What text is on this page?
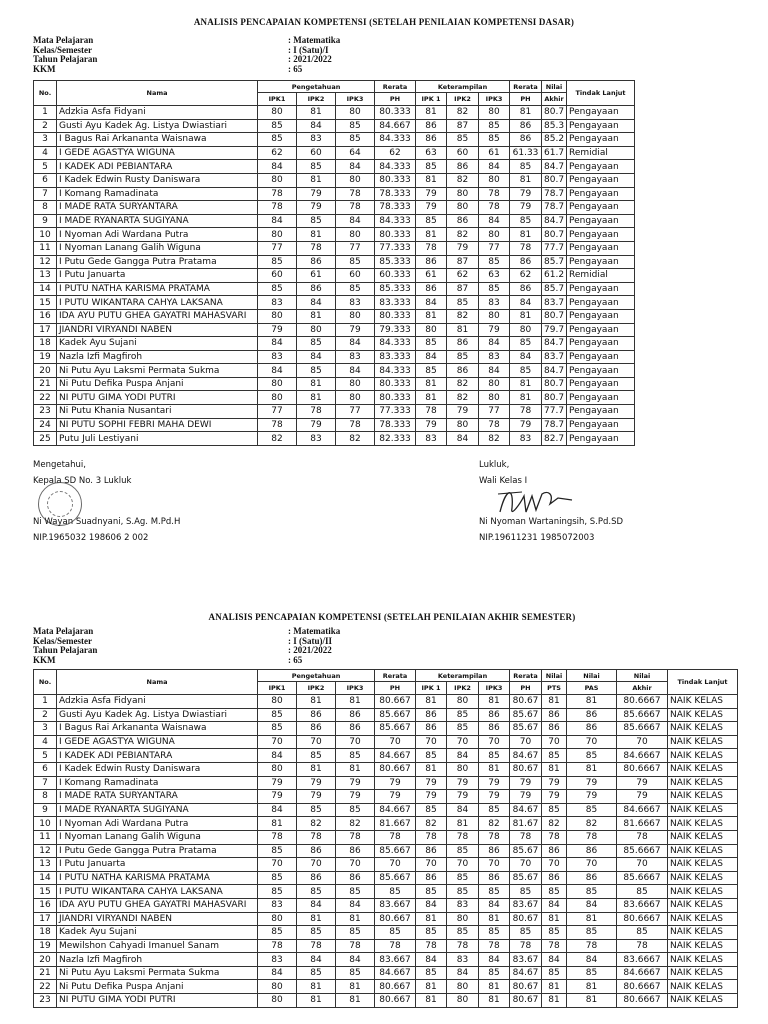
ANALISIS PENCAPAIAN KOMPETENSI (SETELAH PENILAIAN KOMPETENSI DASAR)
Mata Pelajaran	: Matematika
Kelas/Semester	: I (Satu)/I
Tahun Pelajaran	: 2021/2022
KKM	: 65
No.	Nama	Pengetahuan			Rerata	Keterampilan			Rerata	Nilai	Tindak Lanjut
		IPK1	IPK2	IPK3	PH	IPK 1	IPK2	IPK3	PH	Akhir	
1	Adzkia Asfa Fidyani	80	81	80	80.333	81	82	80	81	80.7	Pengayaan
2	Gusti Ayu Kadek Ag. Listya Dwiastiari	85	84	85	84.667	86	87	85	86	85.3	Pengayaan
3	I Bagus Rai Arkananta Waisnawa	85	83	85	84.333	86	85	85	86	85.2	Pengayaan
4	I GEDE AGASTYA WIGUNA	62	60	64	62	63	60	61	61.33	61.7	Remidial
5	I KADEK ADI PEBIANTARA	84	85	84	84.333	85	86	84	85	84.7	Pengayaan
6	I Kadek Edwin Rusty Daniswara	80	81	80	80.333	81	82	80	81	80.7	Pengayaan
7	I Komang Ramadinata	78	79	78	78.333	79	80	78	79	78.7	Pengayaan
8	I MADE RATA SURYANTARA	78	79	78	78.333	79	80	78	79	78.7	Pengayaan
9	I MADE RYANARTA SUGIYANA	84	85	84	84.333	85	86	84	85	84.7	Pengayaan
10	I Nyoman Adi Wardana Putra	80	81	80	80.333	81	82	80	81	80.7	Pengayaan
11	I Nyoman Lanang Galih Wiguna	77	78	77	77.333	78	79	77	78	77.7	Pengayaan
12	I Putu Gede Gangga Putra Pratama	85	86	85	85.333	86	87	85	86	85.7	Pengayaan
13	I Putu Januarta	60	61	60	60.333	61	62	63	62	61.2	Remidial
14	I PUTU NATHA KARISMA PRATAMA	85	86	85	85.333	86	87	85	86	85.7	Pengayaan
15	I PUTU WIKANTARA CAHYA LAKSANA	83	84	83	83.333	84	85	83	84	83.7	Pengayaan
16	IDA AYU PUTU GHEA GAYATRI MAHASVARI	80	81	80	80.333	81	82	80	81	80.7	Pengayaan
17	JIANDRI VIRYANDI NABEN	79	80	79	79.333	80	81	79	80	79.7	Pengayaan
18	Kadek Ayu Sujani	84	85	84	84.333	85	86	84	85	84.7	Pengayaan
19	Nazla Izfi Magfiroh	83	84	83	83.333	84	85	83	84	83.7	Pengayaan
20	Ni Putu Ayu Laksmi Permata Sukma	84	85	84	84.333	85	86	84	85	84.7	Pengayaan
21	Ni Putu Defika Puspa Anjani	80	81	80	80.333	81	82	80	81	80.7	Pengayaan
22	NI PUTU GIMA YODI PUTRI	80	81	80	80.333	81	82	80	81	80.7	Pengayaan
23	Ni Putu Khania Nusantari	77	78	77	77.333	78	79	77	78	77.7	Pengayaan
24	NI PUTU SOPHI FEBRI MAHA DEWI	78	79	78	78.333	79	80	78	79	78.7	Pengayaan
25	Putu Juli Lestiyani	82	83	82	82.333	83	84	82	83	82.7	Pengayaan
Mengetahui,
Kepala SD No. 3 Lukluk
Ni Wayan Suadnyani, S.Ag. M.Pd.H
NIP.1965032 198606 2 002
Lukluk,
Wali Kelas I
Ni Nyoman Wartaningsih, S.Pd.SD
NIP.19611231 1985072003
ANALISIS PENCAPAIAN KOMPETENSI (SETELAH PENILAIAN AKHIR SEMESTER)
Mata Pelajaran	: Matematika
Kelas/Semester	: I (Satu)/II
Tahun Pelajaran	: 2021/2022
KKM	: 65
No.	Nama	Pengetahuan			Rerata	Keterampilan			Rerata	Nilai	Nilai	Nilai	Tindak Lanjut
		IPK1	IPK2	IPK3	PH	IPK 1	IPK2	IPK3	PH	PTS	PAS	Akhir	
1	Adzkia Asfa Fidyani	80	81	81	80.667	81	80	81	80.67	81	81	80.6667	NAIK KELAS
2	Gusti Ayu Kadek Ag. Listya Dwiastiari	85	86	86	85.667	86	85	86	85.67	86	86	85.6667	NAIK KELAS
3	I Bagus Rai Arkananta Waisnawa	85	86	86	85.667	86	85	86	85.67	86	86	85.6667	NAIK KELAS
4	I GEDE AGASTYA WIGUNA	70	70	70	70	70	70	70	70	70	70	70	NAIK KELAS
5	I KADEK ADI PEBIANTARA	84	85	85	84.667	85	84	85	84.67	85	85	84.6667	NAIK KELAS
6	I Kadek Edwin Rusty Daniswara	80	81	81	80.667	81	80	81	80.67	81	81	80.6667	NAIK KELAS
7	I Komang Ramadinata	79	79	79	79	79	79	79	79	79	79	79	NAIK KELAS
8	I MADE RATA SURYANTARA	79	79	79	79	79	79	79	79	79	79	79	NAIK KELAS
9	I MADE RYANARTA SUGIYANA	84	85	85	84.667	85	84	85	84.67	85	85	84.6667	NAIK KELAS
10	I Nyoman Adi Wardana Putra	81	82	82	81.667	82	81	82	81.67	82	82	81.6667	NAIK KELAS
11	I Nyoman Lanang Galih Wiguna	78	78	78	78	78	78	78	78	78	78	78	NAIK KELAS
12	I Putu Gede Gangga Putra Pratama	85	86	86	85.667	86	85	86	85.67	86	86	85.6667	NAIK KELAS
13	I Putu Januarta	70	70	70	70	70	70	70	70	70	70	70	NAIK KELAS
14	I PUTU NATHA KARISMA PRATAMA	85	86	86	85.667	86	85	86	85.67	86	86	85.6667	NAIK KELAS
15	I PUTU WIKANTARA CAHYA LAKSANA	85	85	85	85	85	85	85	85	85	85	85	NAIK KELAS
16	IDA AYU PUTU GHEA GAYATRI MAHASVARI	83	84	84	83.667	84	83	84	83.67	84	84	83.6667	NAIK KELAS
17	JIANDRI VIRYANDI NABEN	80	81	81	80.667	81	80	81	80.67	81	81	80.6667	NAIK KELAS
18	Kadek Ayu Sujani	85	85	85	85	85	85	85	85	85	85	85	NAIK KELAS
19	Mewilshon Cahyadi Imanuel Sanam	78	78	78	78	78	78	78	78	78	78	78	NAIK KELAS
20	Nazla Izfi Magfiroh	83	84	84	83.667	84	83	84	83.67	84	84	83.6667	NAIK KELAS
21	Ni Putu Ayu Laksmi Permata Sukma	84	85	85	84.667	85	84	85	84.67	85	85	84.6667	NAIK KELAS
22	Ni Putu Defika Puspa Anjani	80	81	81	80.667	81	80	81	80.67	81	81	80.6667	NAIK KELAS
23	NI PUTU GIMA YODI PUTRI	80	81	81	80.667	81	80	81	80.67	81	81	80.6667	NAIK KELAS
